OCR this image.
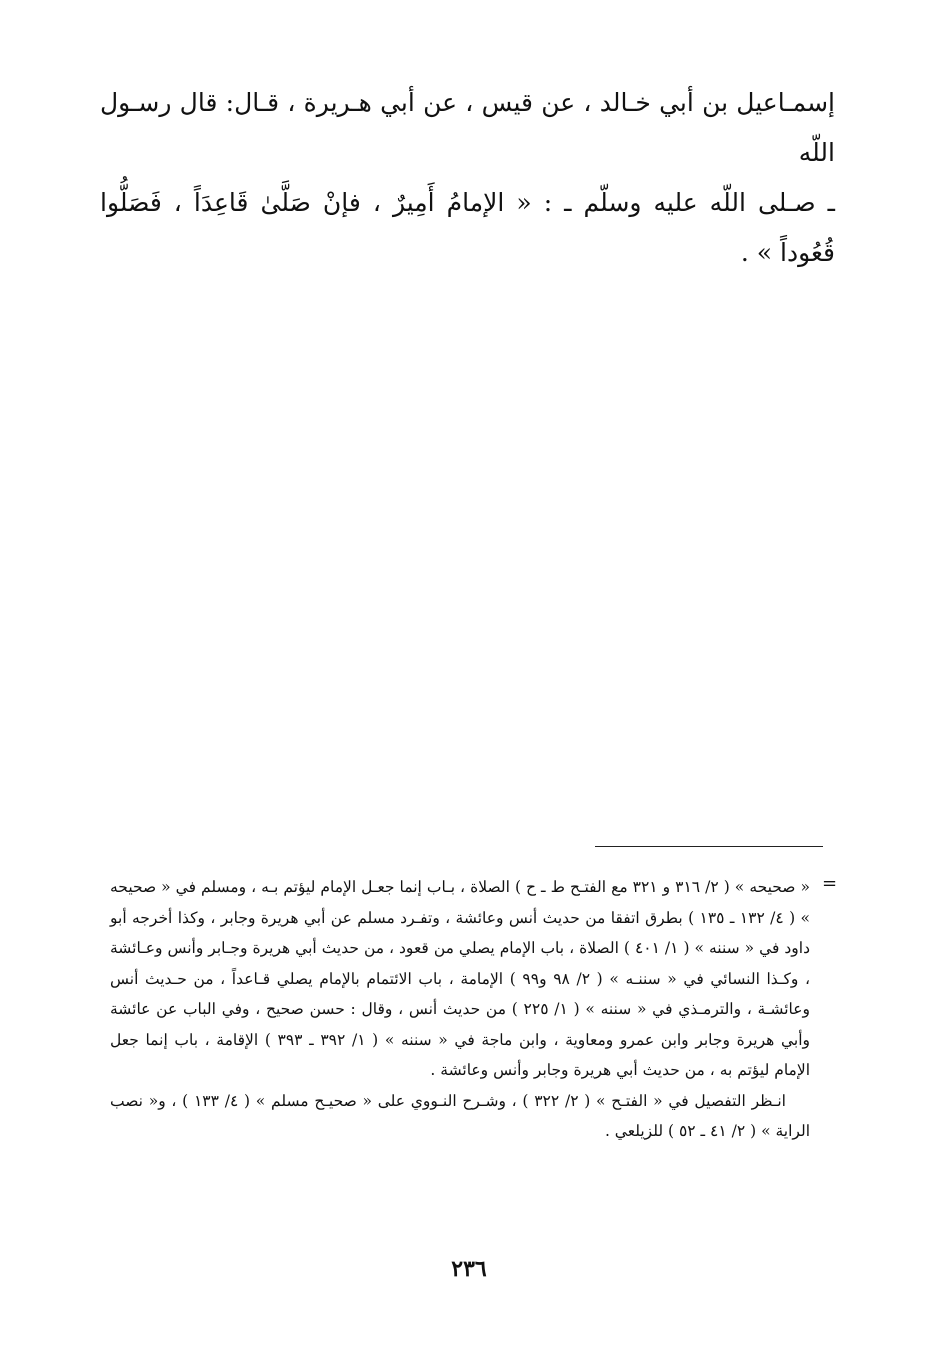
إسمـاعيل بن أبي خـالد ، عن قيس ، عن أبي هـريرة ، قـال: قال رسـول اللّه

ـ صـلى اللّه عليه وسلّم ـ : « الإمامُ أَمِيرٌ ، فإنْ صَلَّىٰ قَاعِدَاً ، فَصَلُّوا قُعُوداً » .

=

« صحيحه » ( ٢/ ٣١٦ و ٣٢١ مع الفتـح ط ـ ح ) الصلاة ، بـاب إنما جعـل الإمام ليؤتم بـه ، ومسلم في « صحيحه » ( ٤/ ١٣٢ ـ ١٣٥ ) بطرق اتفقا من حديث أنس وعائشة ، وتفـرد مسلم عن أبي هريرة وجابر ، وكذا أخرجه أبو داود في « سننه » ( ١/ ٤٠١ ) الصلاة ، باب الإمام يصلي من قعود ، من حديث أبي هريرة وجـابر وأنس وعـائشة ، وكـذا النسائي في « سننـه » ( ٢/ ٩٨ و٩٩ ) الإمامة ، باب الائتمام بالإمام يصلي قـاعداً ، من حـديث أنس وعائشـة ، والترمـذي في « سننه » ( ١/ ٢٢٥ ) من حديث أنس ، وقال : حسن صحيح ، وفي الباب عن عائشة وأبي هريرة وجابر وابن عمرو ومعاوية ، وابن ماجة في « سننه » ( ١/ ٣٩٢ ـ ٣٩٣ ) الإقامة ، باب إنما جعل الإمام ليؤتم به ، من حديث أبي هريرة وجابر وأنس وعائشة .

انـظر التفصيل في « الفتـح » ( ٢/ ٣٢٢ ) ، وشـرح النـووي على « صحيـح مسلم » ( ٤/ ١٣٣ ) ، و« نصب الراية » ( ٢/ ٤١ ـ ٥٢ ) للزيلعي .

٢٣٦
